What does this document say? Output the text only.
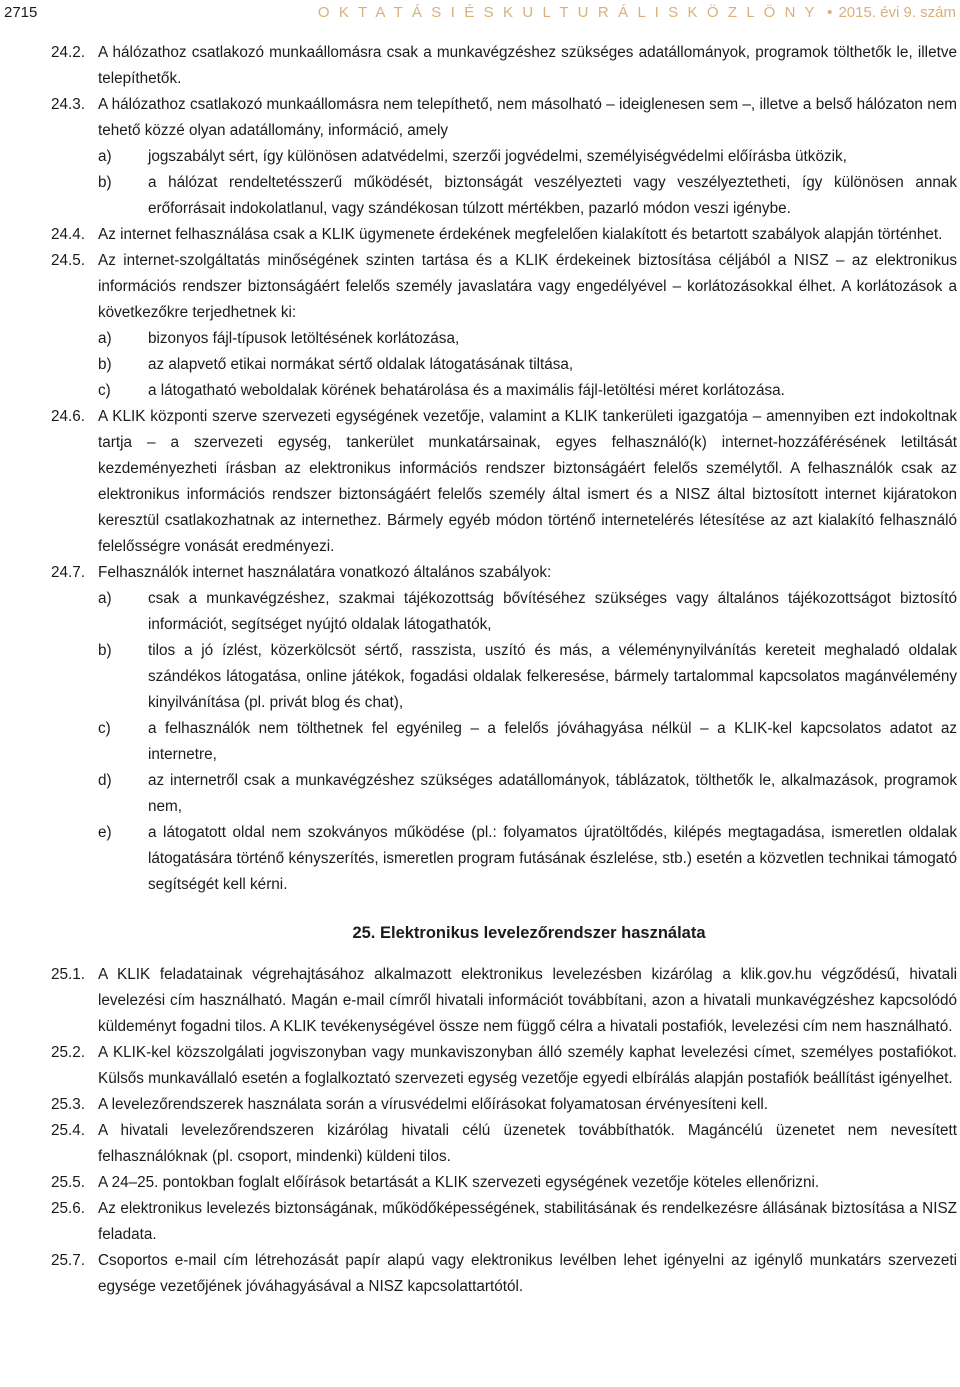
2715	O K T A T Á S I É S K U L T U R Á L I S K Ö Z L Ö N Y • 2015. évi 9. szám
24.2. A hálózathoz csatlakozó munkaállomásra csak a munkavégzéshez szükséges adatállományok, programok tölthetők le, illetve telepíthetők.
24.3. A hálózathoz csatlakozó munkaállomásra nem telepíthető, nem másolható – ideiglenesen sem –, illetve a belső hálózaton nem tehető közzé olyan adatállomány, információ, amely
a) jogszabályt sért, így különösen adatvédelmi, szerzői jogvédelmi, személyiségvédelmi előírásba ütközik,
b) a hálózat rendeltetésszerű működését, biztonságát veszélyezteti vagy veszélyeztetheti, így különösen annak erőforrásait indokolatlanul, vagy szándékosan túlzott mértékben, pazarló módon veszi igénybe.
24.4. Az internet felhasználása csak a KLIK ügymenete érdekének megfelelően kialakított és betartott szabályok alapján történhet.
24.5. Az internet-szolgáltatás minőségének szinten tartása és a KLIK érdekeinek biztosítása céljából a NISZ – az elektronikus információs rendszer biztonságáért felelős személy javaslatára vagy engedélyével – korlátozásokkal élhet. A korlátozások a következőkre terjedhetnek ki:
a) bizonyos fájl-típusok letöltésének korlátozása,
b) az alapvető etikai normákat sértő oldalak látogatásának tiltása,
c) a látogatható weboldalak körének behatárolása és a maximális fájl-letöltési méret korlátozása.
24.6. A KLIK központi szerve szervezeti egységének vezetője, valamint a KLIK tankerületi igazgatója – amennyiben ezt indokoltnak tartja – a szervezeti egység, tankerület munkatársainak, egyes felhasználó(k) internet-hozzáférésének letiltását kezdeményezheti írásban az elektronikus információs rendszer biztonságáért felelős személytől. A felhasználók csak az elektronikus információs rendszer biztonságáért felelős személy által ismert és a NISZ által biztosított internet kijáratokon keresztül csatlakozhatnak az internethez. Bármely egyéb módon történő internetelérés létesítése az azt kialakító felhasználó felelősségre vonását eredményezi.
24.7. Felhasználók internet használatára vonatkozó általános szabályok:
a) csak a munkavégzéshez, szakmai tájékozottság bővítéséhez szükséges vagy általános tájékozottságot biztosító információt, segítséget nyújtó oldalak látogathatók,
b) tilos a jó ízlést, közerkölcsöt sértő, rasszista, uszító és más, a véleménynyilvánítás kereteit meghaladó oldalak szándékos látogatása, online játékok, fogadási oldalak felkeresése, bármely tartalommal kapcsolatos magánvélemény kinyilvánítása (pl. privát blog és chat),
c) a felhasználók nem tölthetnek fel egyénileg – a felelős jóváhagyása nélkül – a KLIK-kel kapcsolatos adatot az internetre,
d) az internetről csak a munkavégzéshez szükséges adatállományok, táblázatok, tölthetők le, alkalmazások, programok nem,
e) a látogatott oldal nem szokványos működése (pl.: folyamatos újratöltődés, kilépés megtagadása, ismeretlen oldalak látogatására történő kényszerítés, ismeretlen program futásának észlelése, stb.) esetén a közvetlen technikai támogató segítségét kell kérni.
25. Elektronikus levelezőrendszer használata
25.1. A KLIK feladatainak végrehajtásához alkalmazott elektronikus levelezésben kizárólag a klik.gov.hu végződésű, hivatali levelezési cím használható. Magán e-mail címről hivatali információt továbbítani, azon a hivatali munkavégzéshez kapcsolódó küldeményt fogadni tilos. A KLIK tevékenységével össze nem függő célra a hivatali postafiók, levelezési cím nem használható.
25.2. A KLIK-kel közszolgálati jogviszonyban vagy munkaviszonyban álló személy kaphat levelezési címet, személyes postafiókot. Külsős munkavállaló esetén a foglalkoztató szervezeti egység vezetője egyedi elbírálás alapján postafiók beállítást igényelhet.
25.3. A levelezőrendszerek használata során a vírusvédelmi előírásokat folyamatosan érvényesíteni kell.
25.4. A hivatali levelezőrendszeren kizárólag hivatali célú üzenetek továbbíthatók. Magáncélú üzenetet nem nevesített felhasználóknak (pl. csoport, mindenki) küldeni tilos.
25.5. A 24–25. pontokban foglalt előírások betartását a KLIK szervezeti egységének vezetője köteles ellenőrizni.
25.6. Az elektronikus levelezés biztonságának, működőképességének, stabilitásának és rendelkezésre állásának biztosítása a NISZ feladata.
25.7. Csoportos e-mail cím létrehozását papír alapú vagy elektronikus levélben lehet igényelni az igénylő munkatárs szervezeti egysége vezetőjének jóváhagyásával a NISZ kapcsolattartótól.
